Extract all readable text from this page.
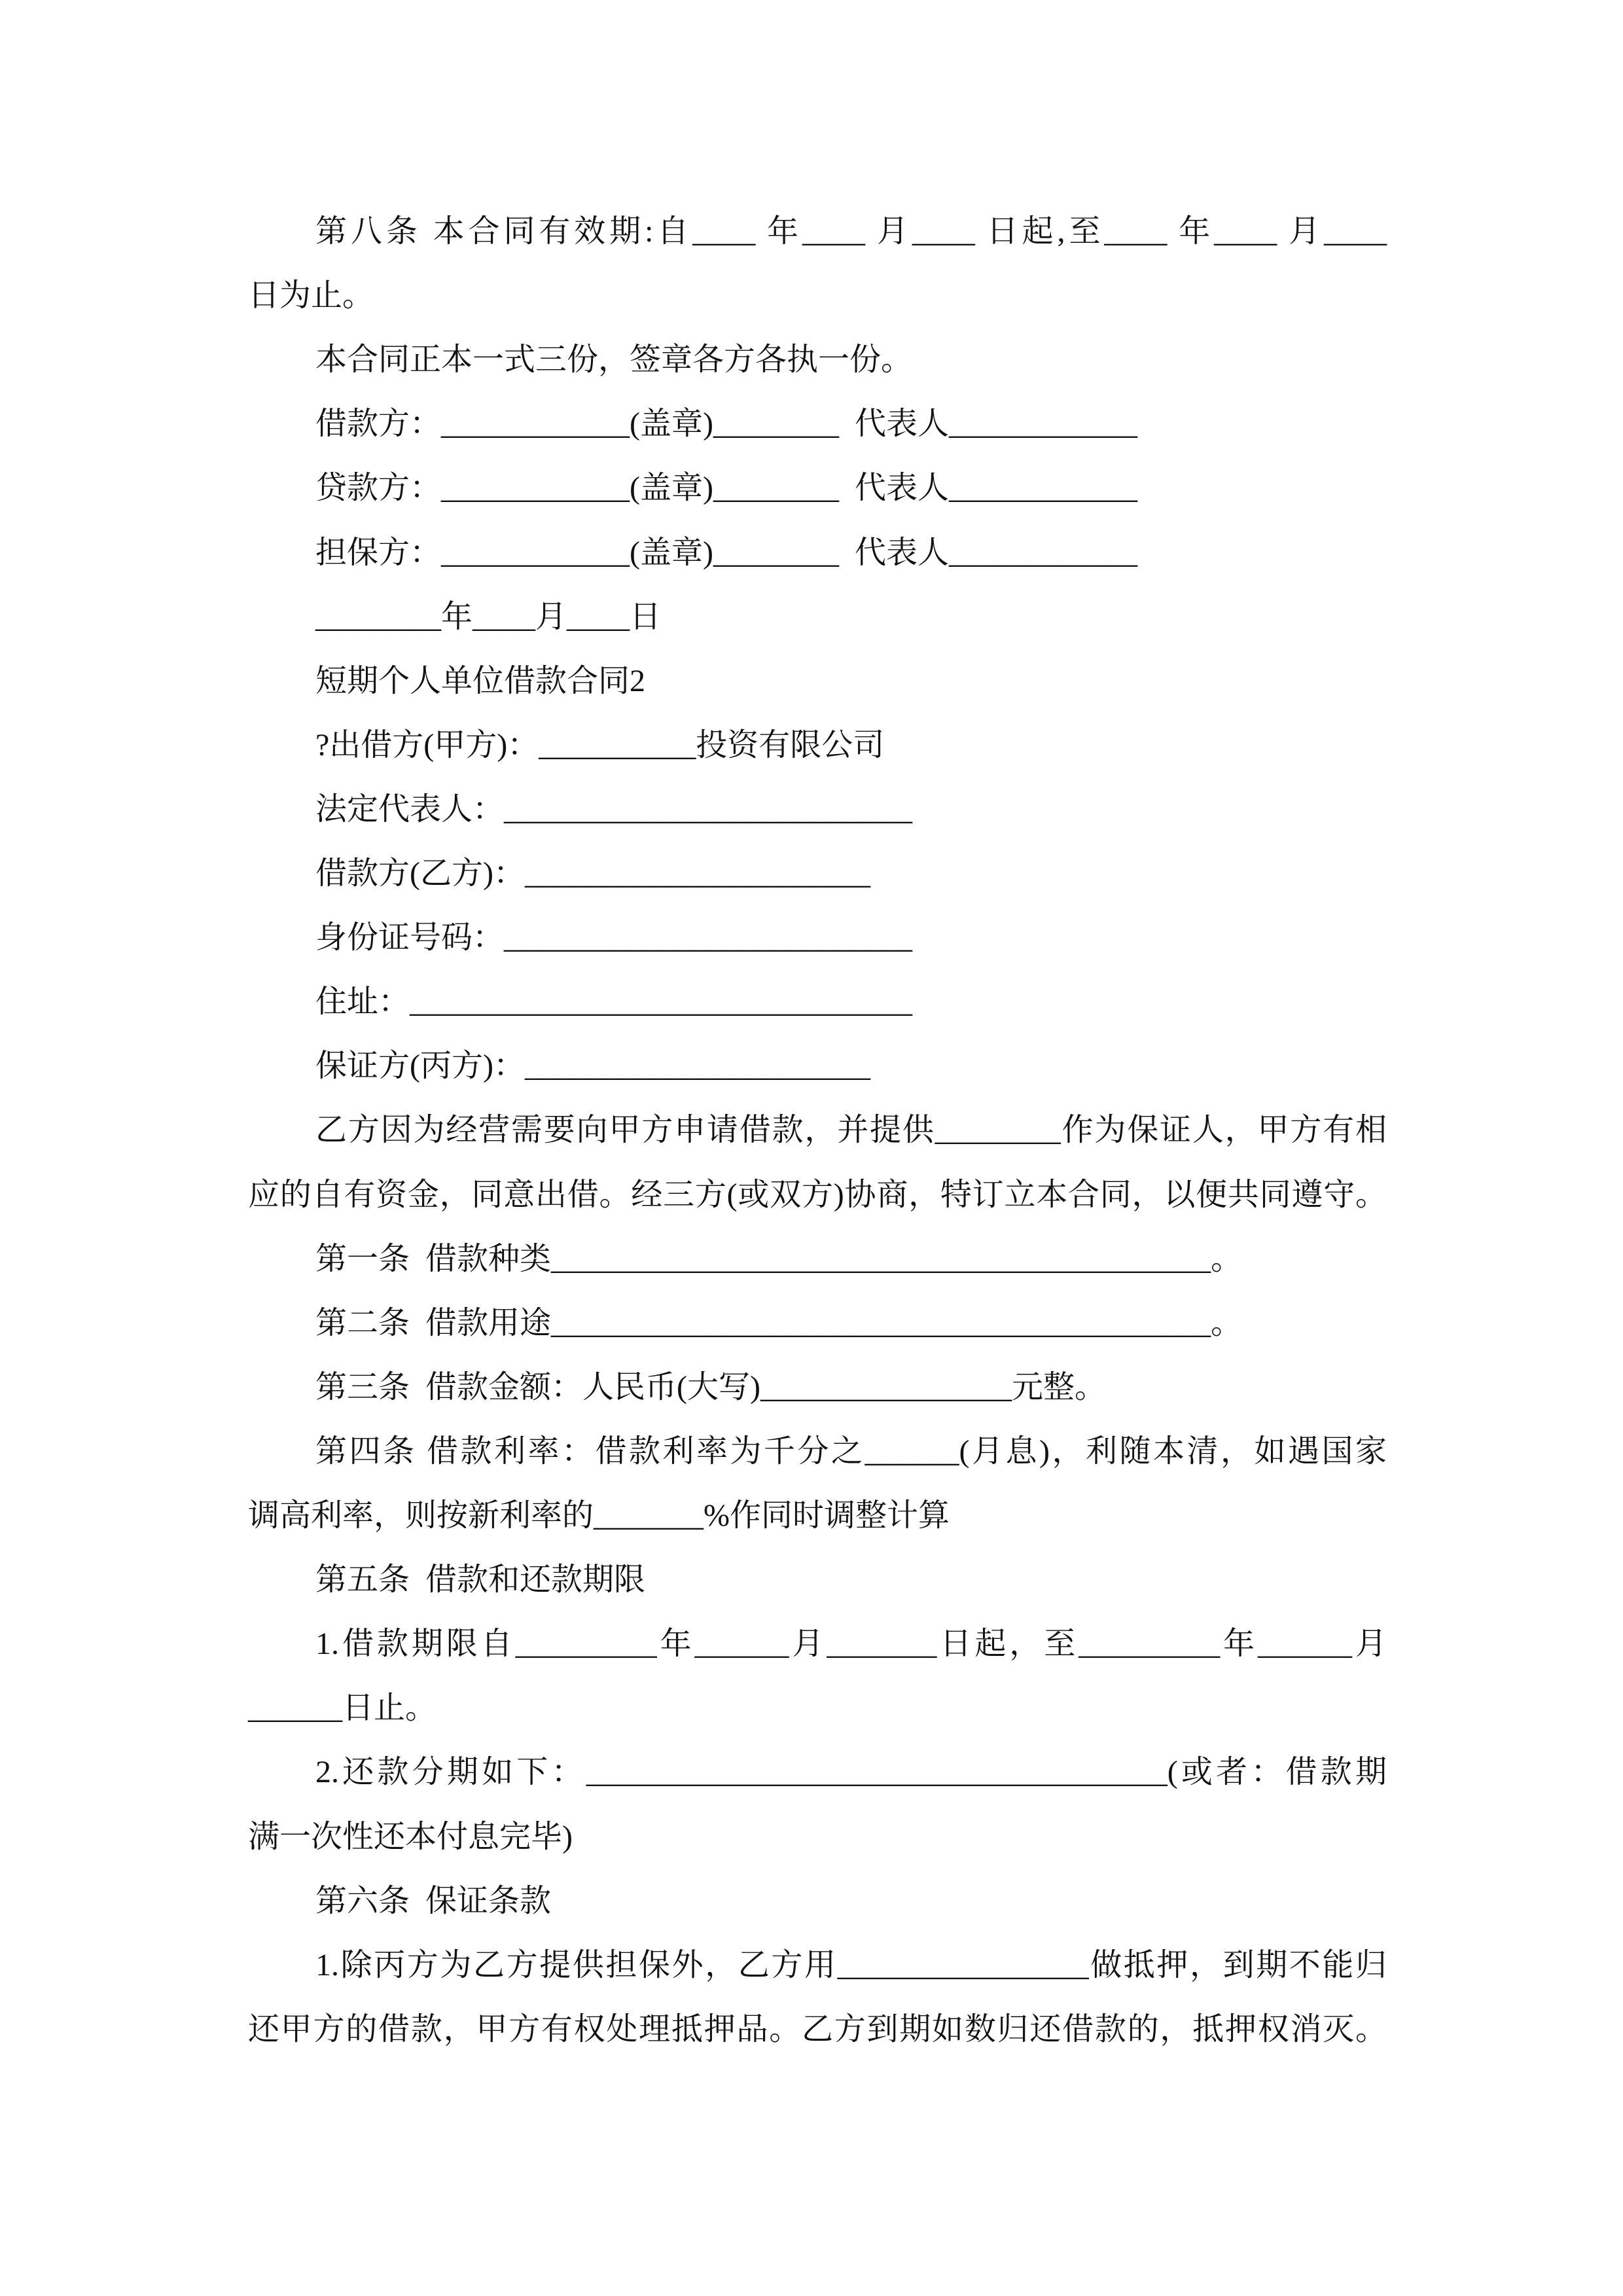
第八条 本合同有效期:自____ 年____ 月____ 日起,至____ 年____ 月____
日为止。
本合同正本一式三份，签章各方各执一份。
借款方：____________(盖章)________  代表人____________
贷款方：____________(盖章)________  代表人____________
担保方：____________(盖章)________  代表人____________
________年____月____日
短期个人单位借款合同2
?出借方(甲方)：__________投资有限公司
法定代表人：__________________________
借款方(乙方)：______________________
身份证号码：__________________________
住址：________________________________
保证方(丙方)：______________________
乙方因为经营需要向甲方申请借款，并提供________作为保证人，甲方有相
应的自有资金，同意出借。经三方(或双方)协商，特订立本合同，以便共同遵守。
第一条  借款种类__________________________________________。
第二条  借款用途__________________________________________。
第三条  借款金额：人民币(大写)________________元整。
第四条 借款利率：借款利率为千分之______(月息)，利随本清，如遇国家
调高利率，则按新利率的_______%作同时调整计算
第五条  借款和还款期限
1.借款期限自_________年______月_______日起，至_________年______月
______日止。
2.还款分期如下：_____________________________________(或者：借款期
满一次性还本付息完毕)
第六条  保证条款
1.除丙方为乙方提供担保外，乙方用________________做抵押，到期不能归
还甲方的借款，甲方有权处理抵押品。乙方到期如数归还借款的，抵押权消灭。
